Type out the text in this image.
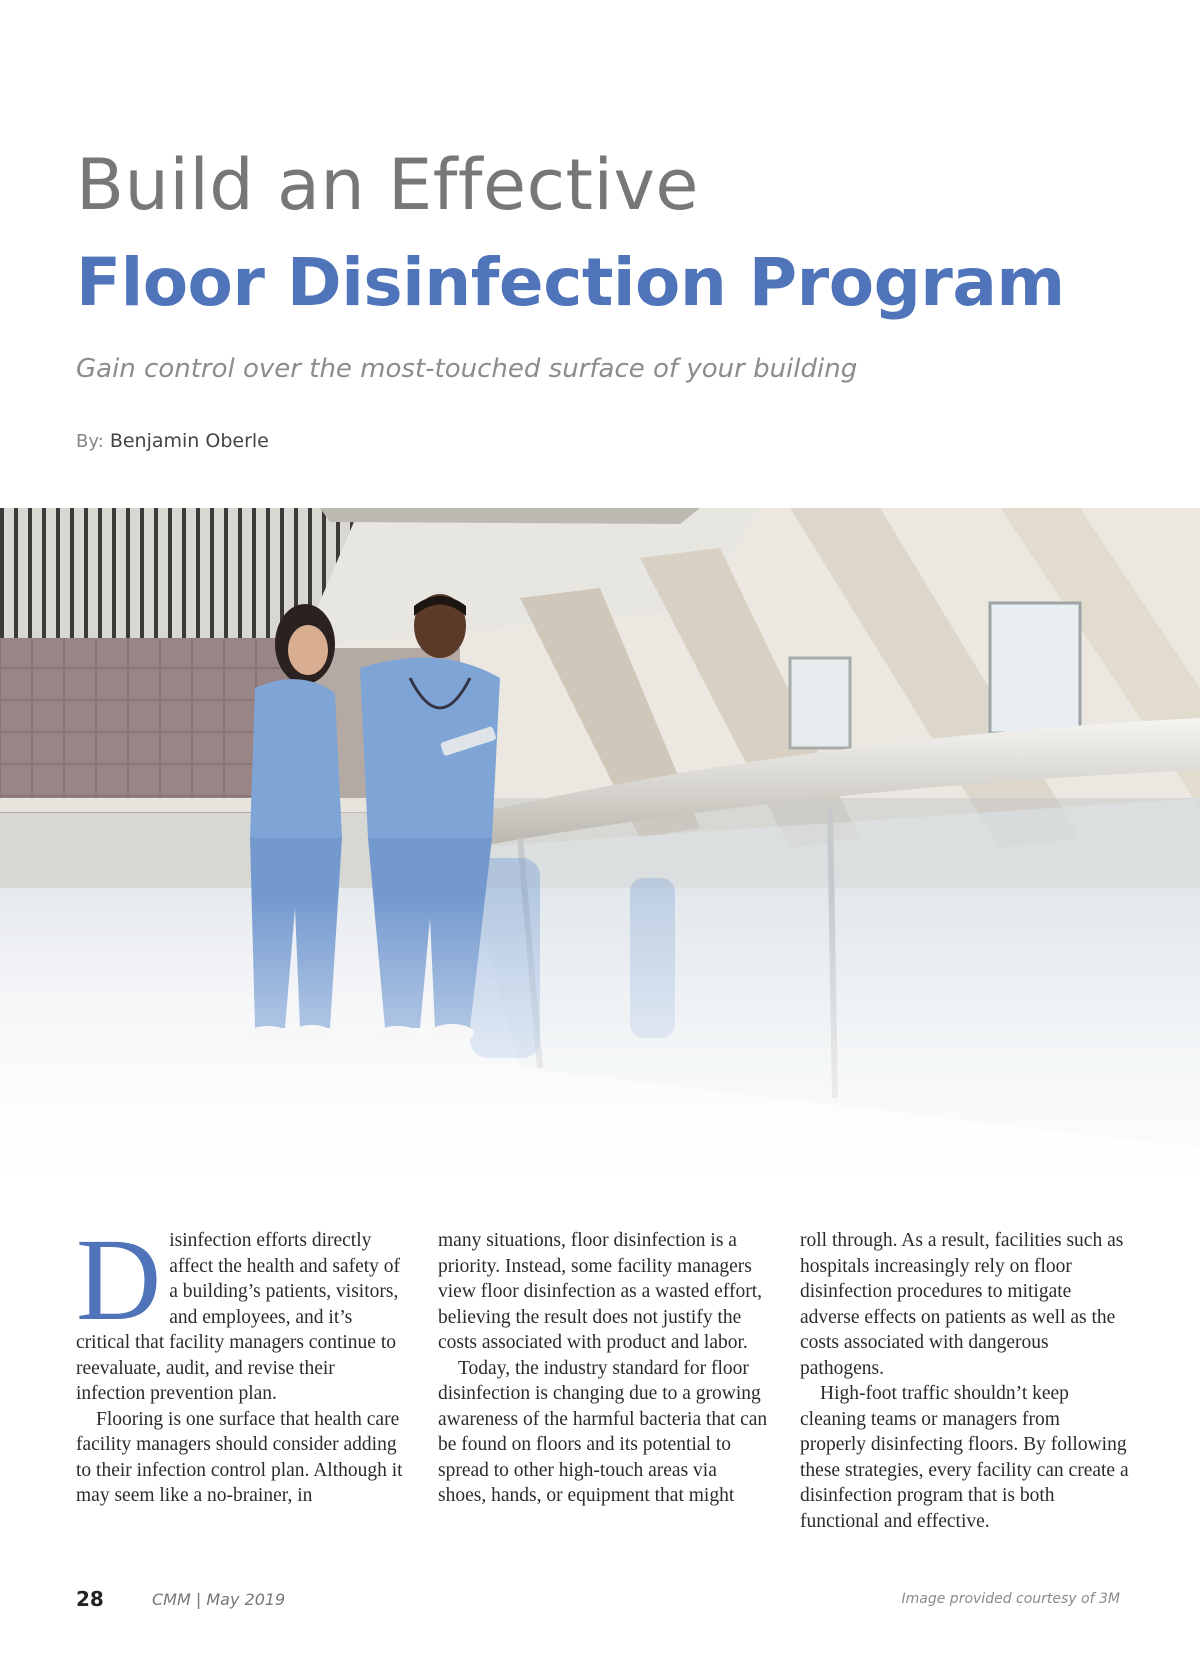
Build an Effective
Floor Disinfection Program
Gain control over the most-touched surface of your building
By: Benjamin Oberle

Disinfection efforts directly affect the health and safety of a building’s patients, visitors, and employees, and it’s critical that facility managers continue to reevaluate, audit, and revise their infection prevention plan.

Flooring is one surface that health care facility managers should consider adding to their infection control plan. Although it may seem like a no-brainer, in

many situations, floor disinfection is a priority. Instead, some facility managers view floor disinfection as a wasted effort, believing the result does not justify the costs associated with product and labor.

Today, the industry standard for floor disinfection is changing due to a growing awareness of the harmful bacteria that can be found on floors and its potential to spread to other high-touch areas via shoes, hands, or equipment that might

roll through. As a result, facilities such as hospitals increasingly rely on floor disinfection procedures to mitigate adverse effects on patients as well as the costs associated with dangerous pathogens.

High-foot traffic shouldn’t keep cleaning teams or managers from properly disinfecting floors. By following these strategies, every facility can create a disinfection program that is both functional and effective.

28	CMM | May 2019	Image provided courtesy of 3M
